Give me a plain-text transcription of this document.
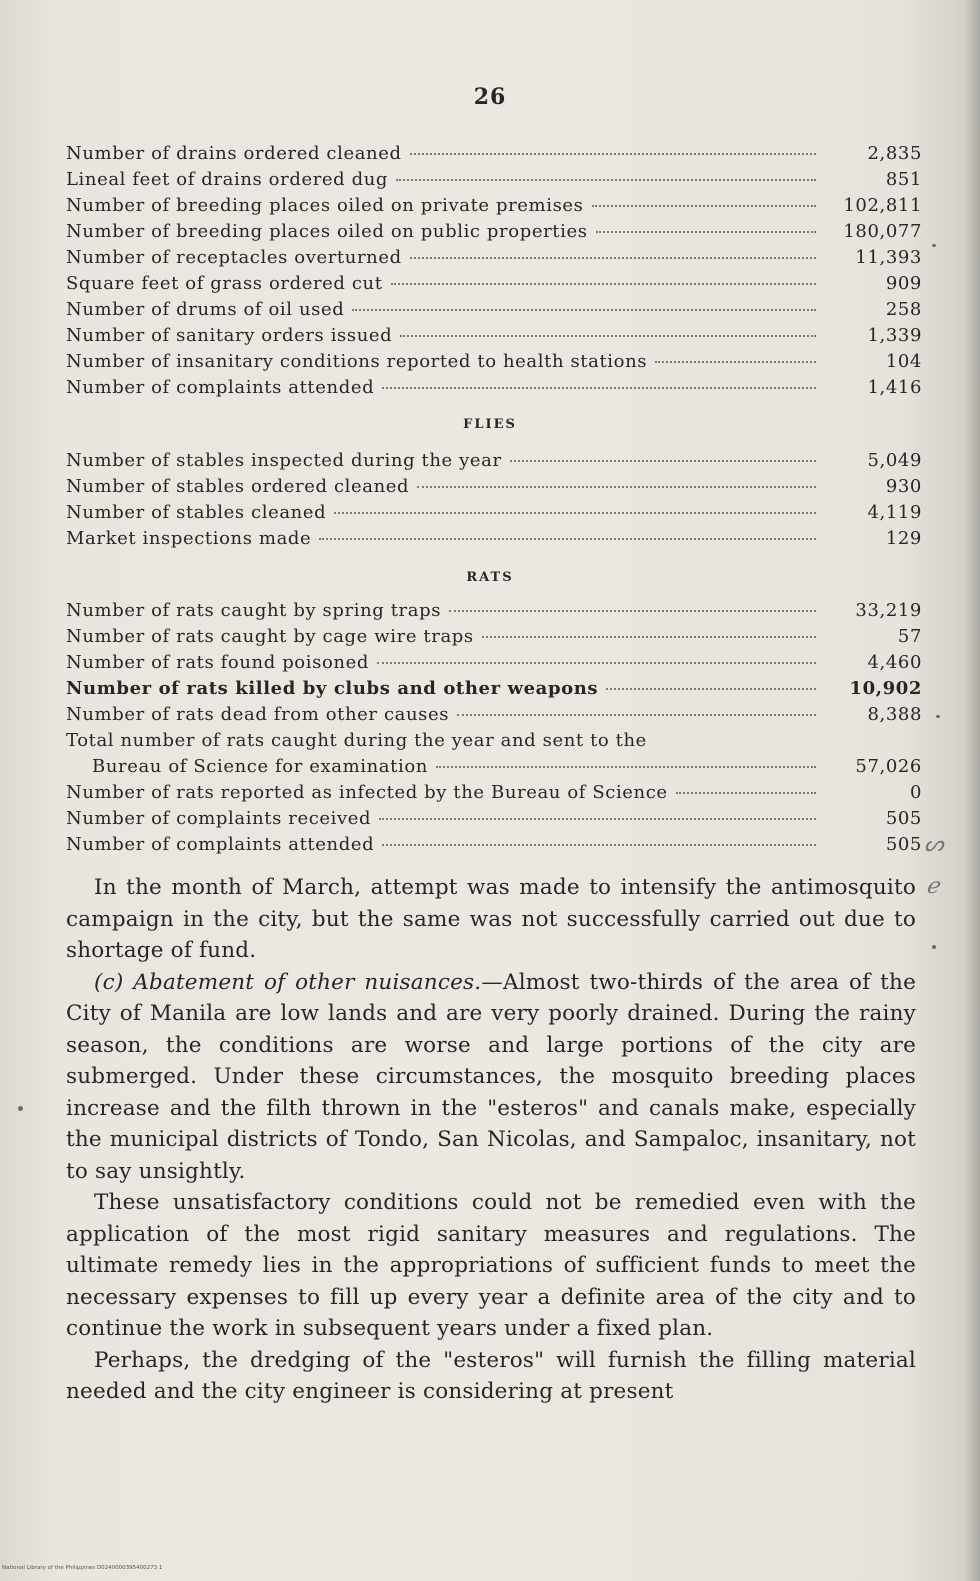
26
Number of drains ordered cleaned	2,835
Lineal feet of drains ordered dug	851
Number of breeding places oiled on private premises	102,811
Number of breeding places oiled on public properties	180,077
Number of receptacles overturned	11,393
Square feet of grass ordered cut	909
Number of drums of oil used	258
Number of sanitary orders issued	1,339
Number of insanitary conditions reported to health stations	104
Number of complaints attended	1,416
FLIES
Number of stables inspected during the year	5,049
Number of stables ordered cleaned	930
Number of stables cleaned	4,119
Market inspections made	129
RATS
Number of rats caught by spring traps	33,219
Number of rats caught by cage wire traps	57
Number of rats found poisoned	4,460
Number of rats killed by clubs and other weapons	10,902
Number of rats dead from other causes	8,388
Total number of rats caught during the year and sent to the
Bureau of Science for examination	57,026
Number of rats reported as infected by the Bureau of Science	0
Number of complaints received	505
Number of complaints attended	505

In the month of March, attempt was made to intensify the antimosquito campaign in the city, but the same was not successfully carried out due to shortage of fund.

(c) Abatement of other nuisances.—Almost two-thirds of the area of the City of Manila are low lands and are very poorly drained. During the rainy season, the conditions are worse and large portions of the city are submerged. Under these circumstances, the mosquito breeding places increase and the filth thrown in the "esteros" and canals make, especially the municipal districts of Tondo, San Nicolas, and Sampaloc, insanitary, not to say unsightly.

These unsatisfactory conditions could not be remedied even with the application of the most rigid sanitary measures and regulations. The ultimate remedy lies in the appropriations of sufficient funds to meet the necessary expenses to fill up every year a definite area of the city and to continue the work in subsequent years under a fixed plan.

Perhaps, the dredging of the "esteros" will furnish the filling material needed and the city engineer is considering at present

ᔕ
ℯ
National Library of the Philippines D0240000395400273 1
